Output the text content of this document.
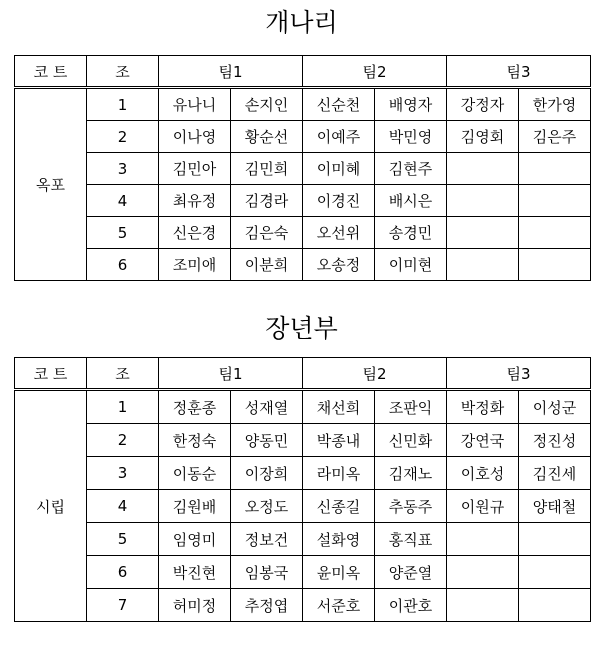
개나리
코 트	조	팀1		팀2		팀3	
옥포	1	유나니	손지인	신순천	배영자	강정자	한가영
	2	이나영	황순선	이예주	박민영	김영회	김은주
	3	김민아	김민희	이미혜	김현주		
	4	최유정	김경라	이경진	배시은		
	5	신은경	김은숙	오선위	송경민		
	6	조미애	이분희	오송정	이미현		
장년부
코 트	조	팀1		팀2		팀3	
시립	1	정훈종	성재열	채선희	조판익	박정화	이성군
	2	한정숙	양동민	박종내	신민화	강연국	정진성
	3	이동순	이장희	라미옥	김재노	이호성	김진세
	4	김원배	오정도	신종길	추동주	이원규	양태철
	5	임영미	정보건	설화영	홍직표		
	6	박진현	임봉국	윤미옥	양준열		
	7	허미정	추정엽	서준호	이관호		
